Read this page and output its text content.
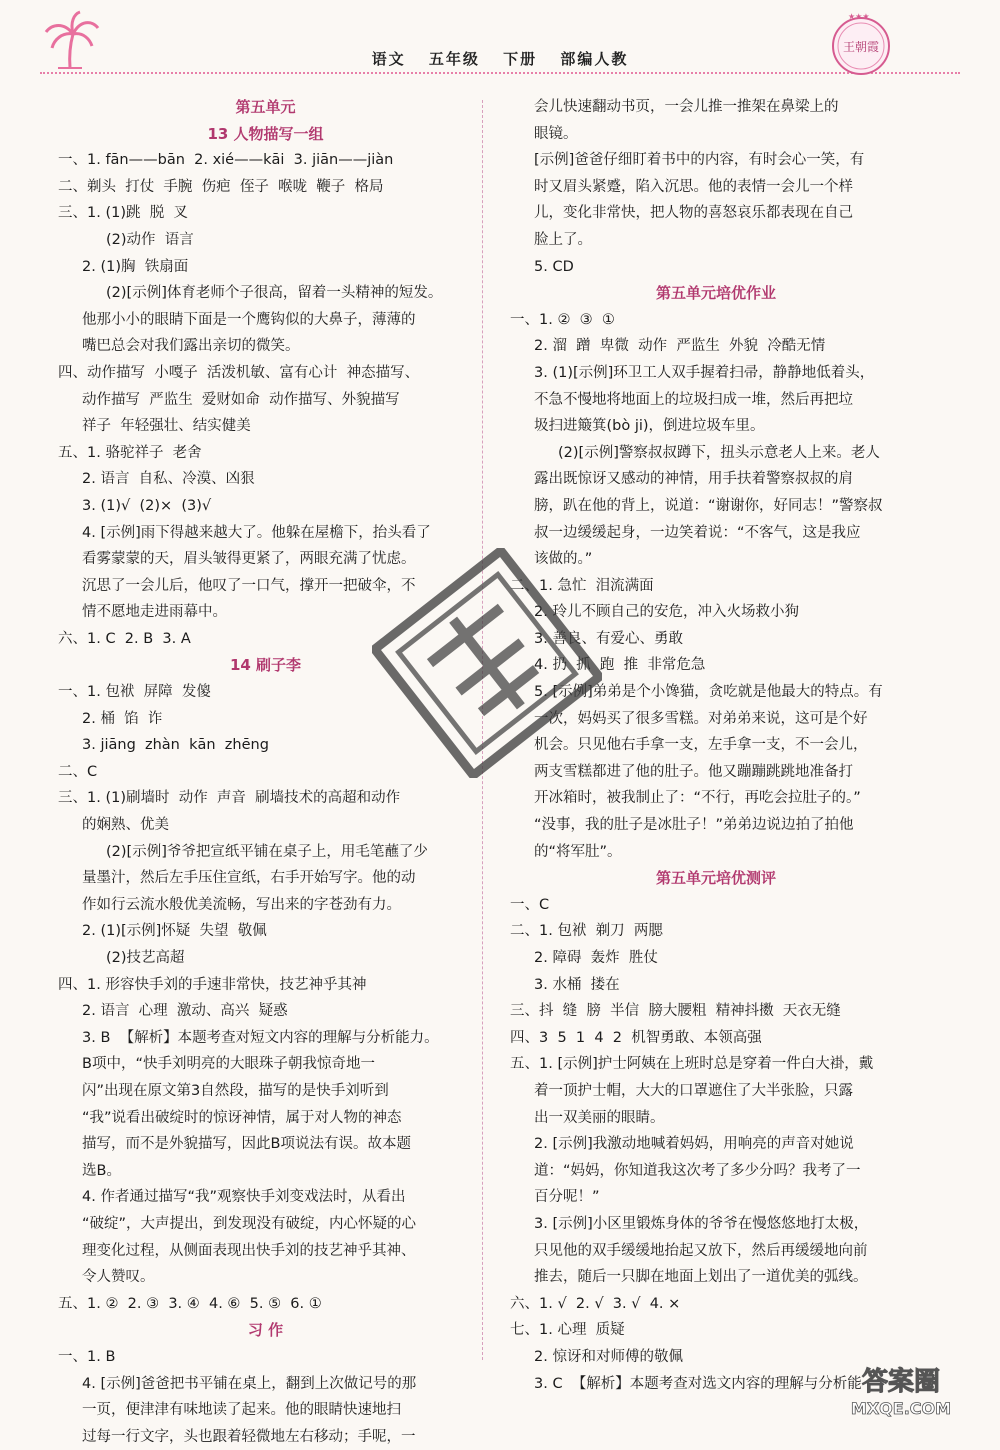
语文 五年级 下册 部编人教
★★★
王朝霞
第五单元
13 人物描写一组
一、1. fān——bān  2. xié——kāi  3. jiān——jiàn
二、剃头  打仗  手腕  伤疤  侄子  喉咙  鞭子  格局
三、1. (1)跳  脱  叉
(2)动作  语言
2. (1)胸  铁扇面
(2)[示例]体育老师个子很高，留着一头精神的短发。
他那小小的眼睛下面是一个鹰钩似的大鼻子，薄薄的
嘴巴总会对我们露出亲切的微笑。
四、动作描写  小嘎子  活泼机敏、富有心计  神态描写、
动作描写  严监生  爱财如命  动作描写、外貌描写
祥子  年轻强壮、结实健美
五、1. 骆驼祥子  老舍
2. 语言  自私、冷漠、凶狠
3. (1)√  (2)×  (3)√
4. [示例]雨下得越来越大了。他躲在屋檐下，抬头看了
看雾蒙蒙的天，眉头皱得更紧了，两眼充满了忧虑。
沉思了一会儿后，他叹了一口气，撑开一把破伞，不
情不愿地走进雨幕中。
六、1. C  2. B  3. A
14 刷子李
一、1. 包袱  屏障  发傻
2. 桶  馅  诈
3. jiāng  zhàn  kān  zhēng
二、C
三、1. (1)刷墙时  动作  声音  刷墙技术的高超和动作
的娴熟、优美
(2)[示例]爷爷把宣纸平铺在桌子上，用毛笔蘸了少
量墨汁，然后左手压住宣纸，右手开始写字。他的动
作如行云流水般优美流畅，写出来的字苍劲有力。
2. (1)[示例]怀疑  失望  敬佩
(2)技艺高超
四、1. 形容快手刘的手速非常快，技艺神乎其神
2. 语言  心理  激动、高兴  疑惑
3. B  【解析】本题考查对短文内容的理解与分析能力。
B项中，“快手刘明亮的大眼珠子朝我惊奇地一
闪”出现在原文第3自然段，描写的是快手刘听到
“我”说看出破绽时的惊讶神情，属于对人物的神态
描写，而不是外貌描写，因此B项说法有误。故本题
选B。
4. 作者通过描写“我”观察快手刘变戏法时，从看出
“破绽”，大声提出，到发现没有破绽，内心怀疑的心
理变化过程，从侧面表现出快手刘的技艺神乎其神、
令人赞叹。
五、1. ②  2. ③  3. ④  4. ⑥  5. ⑤  6. ①
习 作
一、1. B
4. [示例]爸爸把书平铺在桌上，翻到上次做记号的那
一页，便津津有味地读了起来。他的眼睛快速地扫
过每一行文字，头也跟着轻微地左右移动；手呢，一
会儿快速翻动书页，一会儿推一推架在鼻梁上的
眼镜。
[示例]爸爸仔细盯着书中的内容，有时会心一笑，有
时又眉头紧蹙，陷入沉思。他的表情一会儿一个样
儿，变化非常快，把人物的喜怒哀乐都表现在自己
脸上了。
5. CD
第五单元培优作业
一、1. ②  ③  ①
2. 溜  蹭  卑微  动作  严监生  外貌  冷酷无情
3. (1)[示例]环卫工人双手握着扫帚，静静地低着头，
不急不慢地将地面上的垃圾扫成一堆，然后再把垃
圾扫进簸箕(bò ji)，倒进垃圾车里。
(2)[示例]警察叔叔蹲下，扭头示意老人上来。老人
露出既惊讶又感动的神情，用手扶着警察叔叔的肩
膀，趴在他的背上，说道：“谢谢你，好同志！”警察叔
叔一边缓缓起身，一边笑着说：“不客气，这是我应
该做的。”
二、1. 急忙  泪流满面
2. 玲儿不顾自己的安危，冲入火场救小狗
3. 善良、有爱心、勇敢
4. 扔  抓  跑  推  非常危急
5. [示例]弟弟是个小馋猫，贪吃就是他最大的特点。有
一次，妈妈买了很多雪糕。对弟弟来说，这可是个好
机会。只见他右手拿一支，左手拿一支，不一会儿，
两支雪糕都进了他的肚子。他又蹦蹦跳跳地准备打
开冰箱时，被我制止了：“不行，再吃会拉肚子的。”
“没事，我的肚子是冰肚子！”弟弟边说边拍了拍他
的“将军肚”。
第五单元培优测评
一、C
二、1. 包袱  剃刀  两腮
2. 障碍  轰炸  胜仗
3. 水桶  搂在
三、抖  缝  膀  半信  膀大腰粗  精神抖擞  天衣无缝
四、3  5  1  4  2  机智勇敢、本领高强
五、1. [示例]护士阿姨在上班时总是穿着一件白大褂，戴
着一顶护士帽，大大的口罩遮住了大半张脸，只露
出一双美丽的眼睛。
2. [示例]我激动地喊着妈妈，用响亮的声音对她说
道：“妈妈，你知道我这次考了多少分吗？我考了一
百分呢！”
3. [示例]小区里锻炼身体的爷爷在慢悠悠地打太极，
只见他的双手缓缓地抬起又放下，然后再缓缓地向前
推去，随后一只脚在地面上划出了一道优美的弧线。
六、1. √  2. √  3. √  4. ×
七、1. 心理  质疑
2. 惊讶和对师傅的敬佩
3. C  【解析】本题考查对选文内容的理解与分析能 答案圈
MXQE.COM
